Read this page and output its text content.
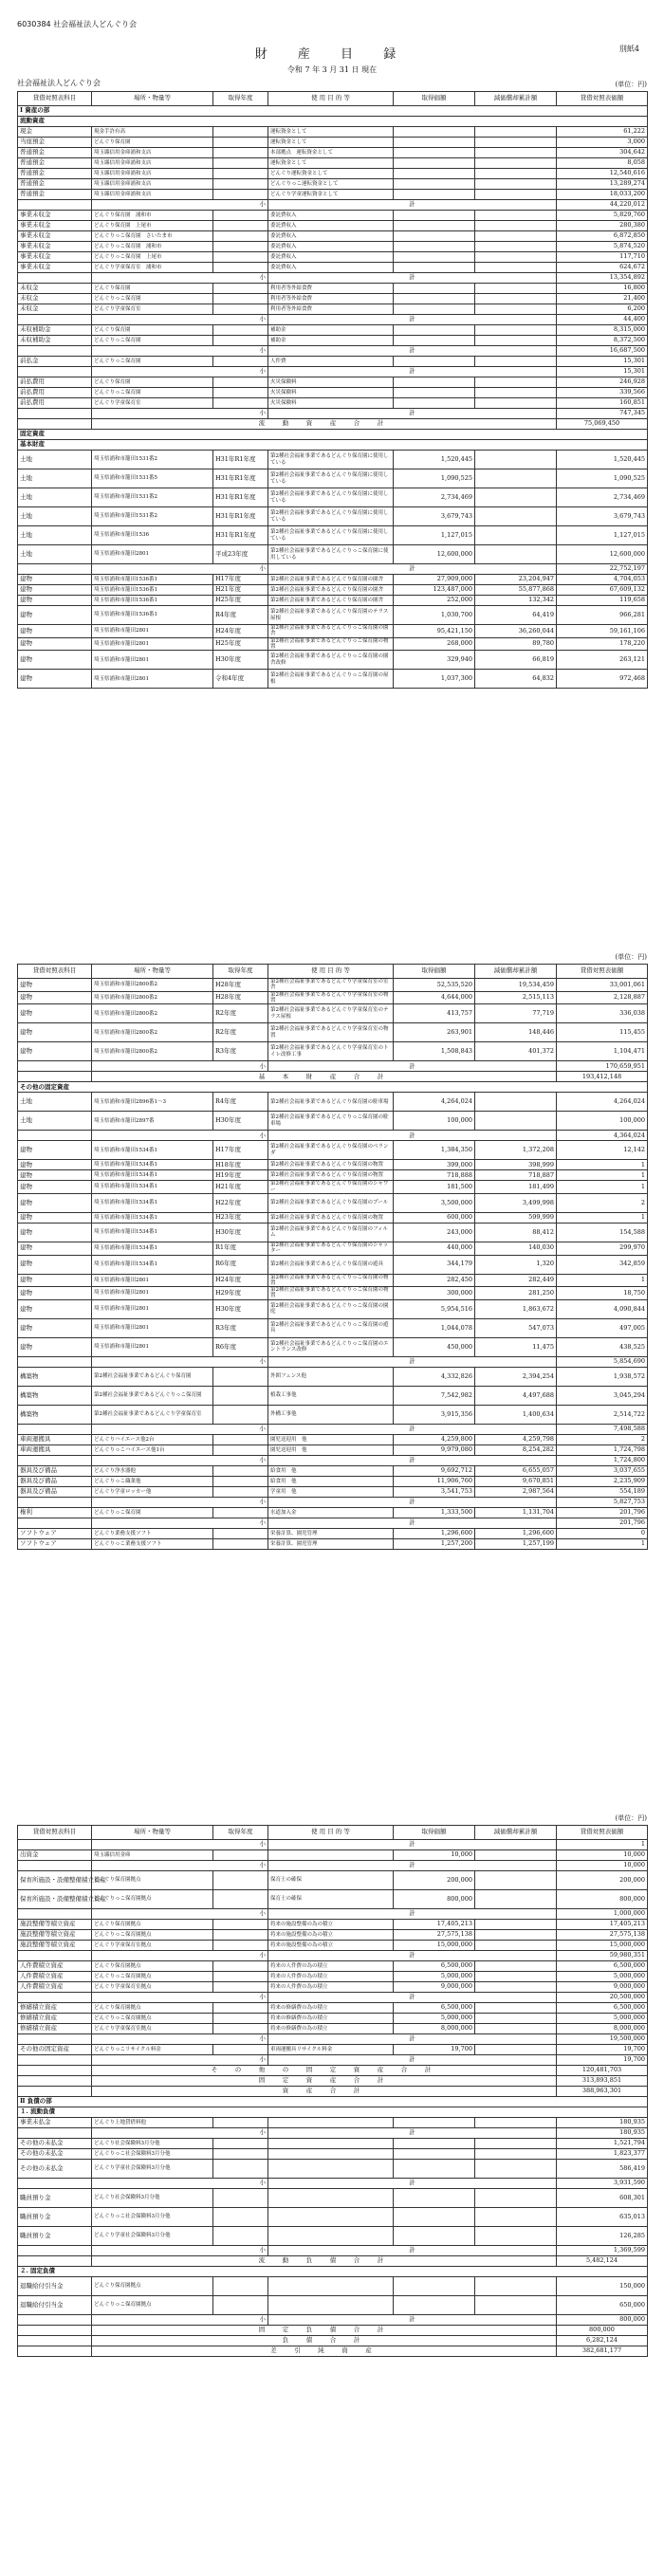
6030384 社会福祉法人どんぐり会
別紙4
財 産 目 録
令和 7 年 3 月 31 日 現在
社会福祉法人どんぐり会	(単位：円)
貸借対照表科目	場所・物量等	取得年度	使 用 目 的 等	取得価額	減価償却累計額	貸借対照表価額
Ⅰ 資産の部						
流動資産						
現金	現金手許有高		運転資金として			61,222
当座預金	どんぐり保育園		運転資金として			3,000
普通預金	埼玉縣信用金庫浦和支店		本部拠点　運転資金として			304,642
普通預金	埼玉縣信用金庫浦和支店		運転資金として			8,058
普通預金	埼玉縣信用金庫浦和支店		どんぐり運転資金として			12,540,616
普通預金	埼玉縣信用金庫浦和支店		どんぐりっこ運転資金として			13,289,274
普通預金	埼玉縣信用金庫浦和支店		どんぐり学童運転資金として			18,033,200
	小		計			44,220,012
事業未収金	どんぐり保育園　浦和市		委託費収入			5,829,760
事業未収金	どんぐり保育園　上尾市		委託費収入			280,380
事業未収金	どんぐりっこ保育園　さいたま市		委託費収入			6,872,850
事業未収金	どんぐりっこ保育園　浦和市		委託費収入			5,874,520
事業未収金	どんぐりっこ保育園　上尾市		委託費収入			117,710
事業未収金	どんぐり学童保育室　浦和市		委託費収入			624,672
	小		計			13,354,892
未収金	どんぐり保育園		利用者等外給食費			16,800
未収金	どんぐりっこ保育園		利用者等外給食費			21,400
未収金	どんぐり学童保育室		利用者等外給食費			6,200
	小		計			44,400
未収補助金	どんぐり保育園		補助金			8,315,000
未収補助金	どんぐりっこ保育園		補助金			8,372,500
	小		計			16,687,500
前払金	どんぐりっこ保育園		人件費			15,301
	小		計			15,301
前払費用	どんぐり保育園		火災保険料			246,928
前払費用	どんぐりっこ保育園		火災保険料			339,566
前払費用	どんぐり学童保育室		火災保険料			160,851
	小		計			747,345
	流　動　資　産　合　計					75,069,450
固定資産						
基本財産						
土地	埼玉県浦和市籠田1531番2	H31年R1年度	第2種社会福祉事業であるどんぐり保育園に使用している	1,520,445		1,520,445
土地	埼玉県浦和市籠田1531番5	H31年R1年度	第2種社会福祉事業であるどんぐり保育園に使用している	1,090,525		1,090,525
土地	埼玉県浦和市籠田1531番2	H31年R1年度	第2種社会福祉事業であるどんぐり保育園に使用している	2,734,469		2,734,469
土地	埼玉県浦和市籠田1531番2	H31年R1年度	第2種社会福祉事業であるどんぐり保育園に使用している	3,679,743		3,679,743
土地	埼玉県浦和市籠田1536	H31年R1年度	第2種社会福祉事業であるどんぐり保育園に使用している	1,127,015		1,127,015
土地	埼玉県浦和市籠田2801	平成23年度	第2種社会福祉事業であるどんぐりっこ保育園に使用している	12,600,000		12,600,000
	小		計			22,752,197
建物	埼玉県浦和市籠田1536番1	H17年度	第2種社会福祉事業であるどんぐり保育園の園舎	27,909,000	23,204,947	4,704,053
建物	埼玉県浦和市籠田1536番1	H21年度	第2種社会福祉事業であるどんぐり保育園の園舎	123,487,000	55,877,868	67,609,132
建物	埼玉県浦和市籠田1536番1	H25年度	第2種社会福祉事業であるどんぐり保育園の園舎	252,000	132,342	119,658
建物	埼玉県浦和市籠田1536番1	R4年度	第2種社会福祉事業であるどんぐり保育園のテラス屋根	1,030,700	64,419	966,281
建物	埼玉県浦和市籠田2801	H24年度	第2種社会福祉事業であるどんぐりっこ保育園の園舎	95,421,150	36,260,044	59,161,106
建物	埼玉県浦和市籠田2801	H25年度	第2種社会福祉事業であるどんぐりっこ保育園の物置	268,000	89,780	178,220
建物	埼玉県浦和市籠田2801	H30年度	第2種社会福祉事業であるどんぐりっこ保育園の園舎改修	329,940	66,819	263,121
建物	埼玉県浦和市籠田2801	令和4年度	第2種社会福祉事業であるどんぐりっこ保育園の屋根	1,037,300	64,832	972,468
(単位：円)
貸借対照表科目	場所・物量等	取得年度	使 用 目 的 等	取得価額	減価償却累計額	貸借対照表価額
建物	埼玉県浦和市籠田2800番2	H28年度	第2種社会福祉事業であるどんぐり学童保育室の室舎	52,535,520	19,534,459	33,001,061
建物	埼玉県浦和市籠田2800番2	H28年度	第2種社会福祉事業であるどんぐり学童保育室の物置	4,644,000	2,515,113	2,128,887
建物	埼玉県浦和市籠田2800番2	R2年度	第2種社会福祉事業であるどんぐり学童保育室のテラス屋根	413,757	77,719	336,038
建物	埼玉県浦和市籠田2800番2	R2年度	第2種社会福祉事業であるどんぐり学童保育室の物置	263,901	148,446	115,455
建物	埼玉県浦和市籠田2800番2	R3年度	第2種社会福祉事業であるどんぐり学童保育室のトイレ改修工事	1,508,843	401,372	1,104,471
	小		計			170,659,951
	基　本　財　産　合　計					193,412,148
その他の固定資産						
土地	埼玉県浦和市籠田2896番1～3	R4年度	第2種社会福祉事業であるどんぐり保育園の駐車場	4,264,024		4,264,024
土地	埼玉県浦和市籠田2897番	H30年度	第2種社会福祉事業であるどんぐりっこ保育園の駐車場	100,000		100,000
	小		計			4,364,024
建物	埼玉県浦和市籠田1534番1	H17年度	第2種社会福祉事業であるどんぐり保育園のベランダ	1,384,350	1,372,208	12,142
建物	埼玉県浦和市籠田1534番1	H18年度	第2種社会福祉事業であるどんぐり保育園の物置	399,000	398,999	1
建物	埼玉県浦和市籠田1534番1	H19年度	第2種社会福祉事業であるどんぐり保育園の物置	718,888	718,887	1
建物	埼玉県浦和市籠田1534番1	H21年度	第2種社会福祉事業であるどんぐり保育園のシャワー	181,500	181,499	1
建物	埼玉県浦和市籠田1534番1	H22年度	第2種社会福祉事業であるどんぐり保育園のプール	3,500,000	3,499,998	2
建物	埼玉県浦和市籠田1534番1	H23年度	第2種社会福祉事業であるどんぐり保育園の物置	600,000	599,999	1
建物	埼玉県浦和市籠田1534番1	H30年度	第2種社会福祉事業であるどんぐり保育園のフィルム	243,000	88,412	154,588
建物	埼玉県浦和市籠田1534番1	R1年度	第2種社会福祉事業であるどんぐり保育園のシャッター	440,000	140,030	299,970
建物	埼玉県浦和市籠田1534番1	R6年度	第2種社会福祉事業であるどんぐり保育園の遊具	344,179	1,320	342,859
建物	埼玉県浦和市籠田2801	H24年度	第2種社会福祉事業であるどんぐりっこ保育園の物置	282,450	282,449	1
建物	埼玉県浦和市籠田2801	H29年度	第2種社会福祉事業であるどんぐりっこ保育園の物置	300,000	281,250	18,750
建物	埼玉県浦和市籠田2801	H30年度	第2種社会福祉事業であるどんぐりっこ保育園の園庭	5,954,516	1,863,672	4,090,844
建物	埼玉県浦和市籠田2801	R3年度	第2種社会福祉事業であるどんぐりっこ保育園の遊具	1,044,078	547,073	497,005
建物	埼玉県浦和市籠田2801	R6年度	第2種社会福祉事業であるどんぐりっこ保育園のエントランス改修	450,000	11,475	438,525
	小		計			5,854,690
構築物	第2種社会福祉事業であるどんぐり保育園		外囲フェンス他	4,332,826	2,394,254	1,938,572
構築物	第2種社会福祉事業であるどんぐりっこ保育園		植栽工事他	7,542,982	4,497,688	3,045,294
構築物	第2種社会福祉事業であるどんぐり学童保育室		外構工事他	3,915,356	1,400,634	2,514,722
	小		計			7,498,588
車両運搬具	どんぐりハイエース他2台		園児送迎用　他	4,259,800	4,259,798	2
車両運搬具	どんぐりっこハイエース他1台		園児送迎用　他	9,979,080	8,254,282	1,724,798
	小		計			1,724,800
器具及び備品	どんぐり浄水器他		給食用　他	9,692,712	6,655,057	3,037,655
器具及び備品	どんぐりっこ織業他		給食用　他	11,906,760	9,670,851	2,235,909
器具及び備品	どんぐり学童ロッカー他		学童用　他	3,541,753	2,987,564	554,189
	小		計			5,827,753
権利	どんぐりっこ保育園		水道加入金	1,333,500	1,131,704	201,796
	小		計			201,796
ソフトウェア	どんぐり業務支援ソフト		栄養計算、園児管理	1,296,600	1,296,600	0
ソフトウェア	どんぐりっこ業務支援ソフト		栄養計算、園児管理	1,257,200	1,257,199	1
(単位：円)
貸借対照表科目	場所・物量等	取得年度	使 用 目 的 等	取得価額	減価償却累計額	貸借対照表価額
	小		計			1
出資金	埼玉縣信用金庫			10,000		10,000
	小		計			10,000
保育所施設・設備整備積立資産	どんぐり保育園拠点		保育士の確保	200,000		200,000
保育所施設・設備整備積立資産	どんぐりっこ保育園拠点		保育士の確保	800,000		800,000
	小		計			1,000,000
施設整備等積立資産	どんぐり保育園拠点		将来の施設整備の為の積立	17,405,213		17,405,213
施設整備等積立資産	どんぐりっこ保育園拠点		将来の施設整備の為の積立	27,575,138		27,575,138
施設整備等積立資産	どんぐり学童保育室拠点		将来の施設整備の為の積立	15,000,000		15,000,000
	小		計			59,980,351
人件費積立資産	どんぐり保育園拠点		将来の人件費の為の積立	6,500,000		6,500,000
人件費積立資産	どんぐりっこ保育園拠点		将来の人件費の為の積立	5,000,000		5,000,000
人件費積立資産	どんぐり学童保育室拠点		将来の人件費の為の積立	9,000,000		9,000,000
	小		計			20,500,000
修繕積立資産	どんぐり保育園拠点		将来の修繕費の為の積立	6,500,000		6,500,000
修繕積立資産	どんぐりっこ保育園拠点		将来の修繕費の為の積立	5,000,000		5,000,000
修繕積立資産	どんぐり学童保育室拠点		将来の修繕費の為の積立	8,000,000		8,000,000
	小		計			19,500,000
その他の固定資産	どんぐりっこリサイクル料金		車両運搬具リサイクル料金	19,700		19,700
	小		計			19,700
	そ　の　他　の　固　定　資　産　合　計					120,481,703
	固　定　資　産　合　計					313,893,851
	資　産　合　計					388,963,301
Ⅱ 負債の部						
１. 流動負債						
事業未払金	どんぐり上地貸借料他					180,935
	小		計			180,935
その他の未払金	どんぐり社会保険料3月分他					1,521,794
その他の未払金	どんぐりっこ社会保険料3月分他					1,823,377
その他の未払金	どんぐり学童社会保険料3月分他					586,419
	小		計			3,931,590
職員預り金	どんぐり社会保険料3月分他					608,301
職員預り金	どんぐりっこ社会保険料3月分他					635,013
職員預り金	どんぐり学童社会保険料3月分他					126,285
	小		計			1,369,599
	流　動　負　債　合　計					5,482,124
２. 固定負債						
退職給付引当金	どんぐり保育園拠点					150,000
退職給付引当金	どんぐりっこ保育園拠点					650,000
	小		計			800,000
	固　定　負　債　合　計					800,000
	負　債　合　計					6,282,124
	差　引　純　資　産					382,681,177
